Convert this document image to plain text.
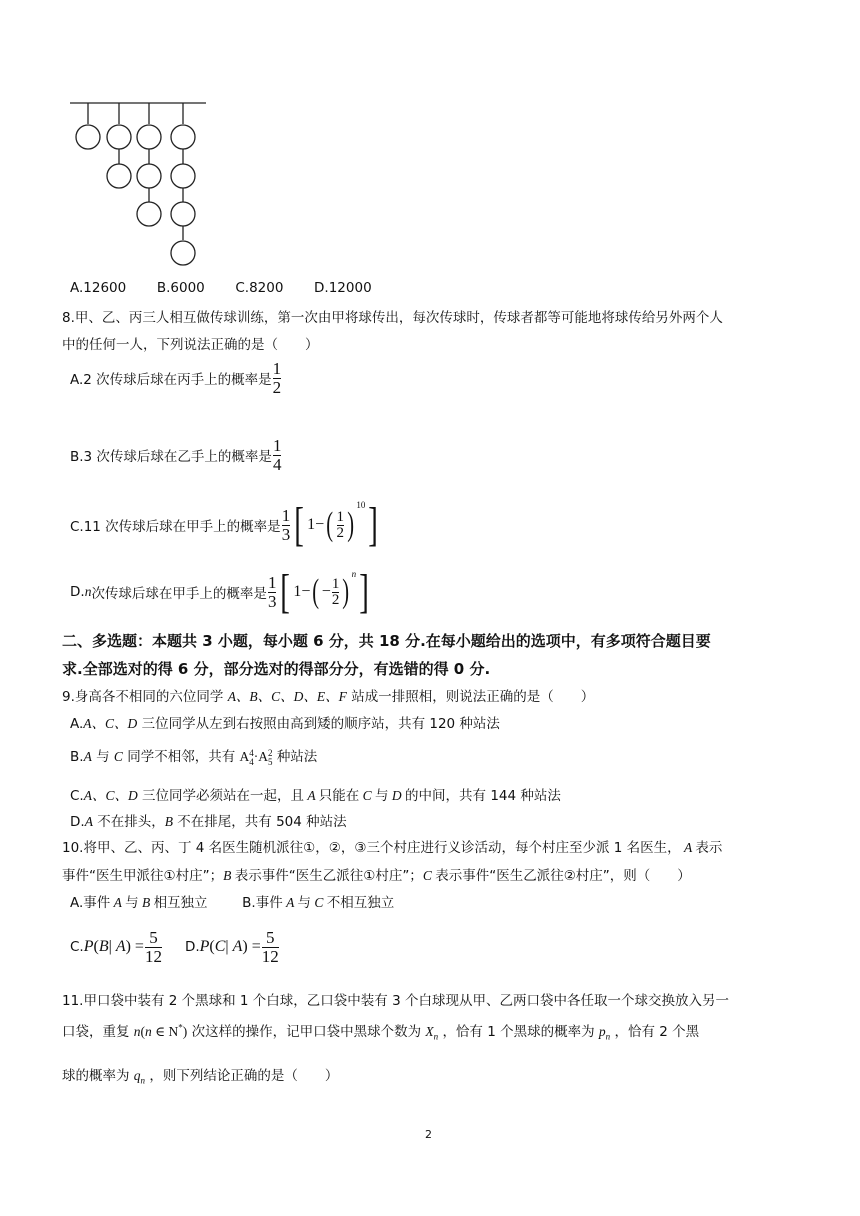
A.12600 B.6000 C.8200 D.12000
8.甲、乙、丙三人相互做传球训练，第一次由甲将球传出，每次传球时，传球者都等可能地将球传给另外两个人
中的任何一人，下列说法正确的是（　　）
A.2 次传球后球在丙手上的概率是 $\frac{1}{2}$
B.3 次传球后球在乙手上的概率是 $\frac{1}{4}$
C.11 次传球后球在甲手上的概率是 $\frac{1}{3}$ [ 1− ( $\frac{1}{2}$ )
10 ]
D. n 次传球后球在甲手上的概率是 $\frac{1}{3}$ [ 1− ( − $\frac{1}{2}$ ) n ]
二、多选题：本题共 3 小题，每小题 6 分，共 18 分.在每小题给出的选项中，有多项符合题目要
求.全部选对的得 6 分，部分选对的得部分分，有选错的得 0 分.
9.身高各不相同的六位同学 A、B、C、D、E、F 站成一排照相，则说法正确的是（　　）
A.A、C、D 三位同学从左到右按照由高到矮的顺序站，共有 120 种站法
B.A 与 C 同学不相邻，共有 A 4
4 ·A 2
5 种站法
C.A、C、D 三位同学必须站在一起，且 A 只能在 C 与 D 的中间，共有 144 种站法
D.A 不在排头，B 不在排尾，共有 504 种站法
10.将甲、乙、丙、丁 4 名医生随机派往①，②，③三个村庄进行义诊活动，每个村庄至少派 1 名医生， A 表示
事件“医生甲派往①村庄”；B 表示事件“医生乙派往①村庄”；C 表示事件“医生乙派往②村庄”，则（　　）
A.事件 A 与 B 相互独立	B.事件 A 与 C 不相互独立
C. P(B| $A) = \frac{5}{12} D$. P(C| $A) = \frac{5}{12}$
11.甲口袋中装有 2 个黑球和 1 个白球，乙口袋中装有 3 个白球现从甲、乙两口袋中各任取一个球交换放入另一
口袋，重复 n(n ∈ N*) 次这样的操作，记甲口袋中黑球个数为 $X_n$ ，恰有 1 个黑球的概率为 $p_n$ ，恰有 2 个黑
球的概率为 $q_n$ ，则下列结论正确的是（　　）
2
